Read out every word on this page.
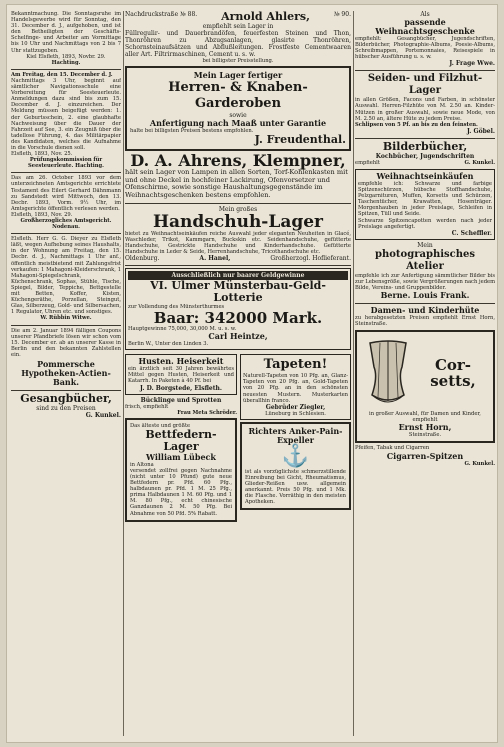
Bekanntmachung. Die Sonntagsruhe im Handelsgewerbe wird für Sonntag, den 31. December d. J., aufgehoben, und ist den Betheiligten der Geschäfts- Schelfinge- und Arbeiter am Vormittage bis 10 Uhr und Nachmittags von 2 bis 7 Uhr stattzugeben.
Kiel Elsfleth, 1893, Novbr. 29.
Hachting.
Am Freitag, den 15. December d. J.
Nachmittags 3 Uhr, beginnt auf sämtlicher Navigationsschule eine Vorbereitung für Seesteuerleute. Anmeldungen dazu sind bis zum 15. December d. J. einzureichen. Der Meldung müssen beigefügt werden: 1. der Geburtsschein, 2. eine glaubhafte Nachweisung über die Dauer der Fahrzeit auf See, 3. ein Zeugniß über die tadellose Führung, 4. das Militärpapier des Kandidaten, welches die Aufnahme in die Vorschule dienen soll.
Elsfleth, 1893, Nov. 25.
Prüfungskommission für Seesteuerleute. Hachting.
Das am 26. October 1893 vor dem unterzeichneten Amtsgerichte errichtete Testament des Eilert Gerhard Dähnmann zu Sandstedt wird Mittwoch, den 13. Decbr. 1893, Vorm. 9½ Uhr, im Amtsgerichte öffentlich verlesen werden.
Elsfleth, 1893, Nov. 29.
Großherzogliches Amtsgericht. Nodenau.
Elsfleth. Herr G. G. Dieyer zu Elsfleth läßt, wegen Aufhebung seines Haushalts, in der Wohnung am Freitag, den 15. Decbr. d. J., Nachmittags 1 Uhr anf., öffentlich meistbietend mit Zahlungsfrist verkaufen: 1 Mahagoni-Kleiderschrank, 1 Mahagoni-Spiegelschrank, Küchenschrank, Sophas, Stühle, Tische, Spiegel, Bilder, Teppiche, Bettgestelle mit Betten, Koffer, Kisten, Küchengeräthe, Porzellan, Steingut, Glas, Silberzeug, Gold- und Silbersachen, 1 Regulator, Uhren etc. und sonstiges.
W. Rübbin Witwe.
Die am 2. Januar 1894 fälligen Coupons unserer Pfandbriefe lösen wir schon vom 15. December er. ab an unserer Kasse in Berlin und den bekannten Zahlstellen ein.
Pommersche Hypotheken-Actien-Bank.
Gesangbücher,
sind zu den Preisen
G. Kunkel.
Nachdruckstraße № 88. Arnold Ahlers,	№ 90.
empfiehlt sein Lager in
Füllregulir- und Dauerbrandöfen, feuerfesten Steinen und Thon, Thonröhren zu Abzugsanlagen, glasirte Thonröhren, Schornsteinaufsätzen und Abflußleitungen. Frostfeste Cementwaaren aller Art. Filtrirmaschinen, Cement u. s. w.
bei billigster Preisstellung.
Mein Lager fertiger
Herren- & Knaben-Garderoben
sowie
Anfertigung nach Maaß unter Garantie
halte bei billigsten Preisen bestens empfohlen.
J. Freudenthal.
D. A. Ahrens, Klempner,
hält sein Lager von Lampen in allen Sorten, Torf-Kohlenkasten mit und ohne Deckel in hochfeiner Lackirung, Ofenvorsetzer und Ofenschirme, sowie sonstige Haushaltungsgegenstände im Weihnachtsgeschenken bestens empfohlen.
Mein großes
Handschuh-Lager
bietet zu Weihnachtseinkäufen reiche Auswahl jeder eleganten Neuheiten in Glacé, Waschleder, Trikot, Kammgarn, Buckskin etc. Seidenhandschuhe, gefütterte Handschuhe, Gestrickte Handschuhe und Kinderhandschuhe. Gefütterte Handschuhe in Leder & Seide, Herrenhandschuhe, Tricothandschuhe etc.
Oldenburg.	A. Hanel,	Großherzogl. Hoflieferant.
Ausschließlich nur baarer Geldgewinne
VI. Ulmer Münsterbau-Geld-Lotterie
zur Vollendung des Münsterthurmes
Baar: 342000 Mark.
Hauptgewinne 75,000, 30,000 M. u. s. w.
Carl Heintze,
Berlin W., Unter den Linden 3.
Husten. Heiserkeit
ein ärztlich seit 30 Jahren bewährtes Mittel gegen Husten, Heiserkeit und Katarrh. In Paketen à 40 Pf. bei
J. D. Borgstede, Elsfleth.
Bücklinge und Sprotten
frisch, empfiehlt
Frau Meta Schröder.
Das älteste und größte
Bettfedern-Lager
William Lübeck
in Altona
versendet zollfrei gegen Nachnahme (nicht unter 10 Pfund) gute neue Bettfedern pr. Pfd. 60 Pfg., halbdaunen pr. Pfd. 1 M. 25 Pfg., prima Halbdaunen 1 M. 60 Pfg. und 1 M. 80 Pfg., echt chinesische Ganzdaunen 2 M. 50 Pfg. Bei Abnahme von 50 Pfd. 5% Rabatt.
Tapeten!
Naturell-Tapeten von 10 Pfg. an, Glanz-Tapeten von 20 Pfg. an, Gold-Tapeten von 20 Pfg. an in den schönsten neuesten Mustern. Musterkarten überallhin franco.
Gebrüder Ziegler,
Lüneburg in Schlesien.
Richters Anker-Pain-Expeller
⚓
ist als vorzüglichste schmerzstillende Einreibung bei Gicht, Rheumatismus, Glieder-Reißen usw. allgemein anerkannt. Preis 50 Pfg. und 1 Mk. die Flasche. Vorräthig in den meisten Apotheken.
Als
passende Weihnachtsgeschenke
empfiehlt: Gesangbücher, Jugendschriften, Bilderbücher, Photographie-Albums, Poesie-Albums, Schreibmappen, Portemonnaies, Reisespiele in hübscher Ausführung u. s. w.
J. Frage Wwe.
Seiden- und Filzhut-Lager
in allen Größen, Facons und Farben, in schönster Auswahl. Herren-Filzhüte von M. 2.50 an. Kinder-Mützen in großer Auswahl, sowie neue Mode, von M. 2.50 an, ältere Hüte zu jedem Preise.
Schlipsen von 5 Pf. an bis zu den feinsten.
J. Göbel.
Bilderbücher,
Kochbücher, Jugendschriften
empfiehlt	G. Kunkel.
Weihnachtseinkäufen
empfehle ich: Schwarze und farbige Spitzenschürzen, hübsche Stoffhandschuhe, Pelzgarnituren, Muffen, Korsetts und Schürzen, Taschentücher, Krawatten, Hosenträger. Morgenhauben in jeder Preislage, Schleifen in Spitzen, Tüll und Seide.
Schwarze Spitzencapotten werden nach jeder Preislage angefertigt.
C. Scheffler.
Mein
photographisches Atelier
empfehle ich zur Anfertigung sämmtlicher Bilder bis zur Lebensgröße, sowie Vergrößerungen nach jedem Bilde, Vereins- und Gruppenbilder.
Berne. Louis Frank.
Damen- und Kinderhüte
zu herabgesetzten Preisen empfiehlt Ernst Horn, Steinstraße.
Cor-
setts,
in großer Auswahl, für Damen und Kinder, empfiehlt
Ernst Horn,
Steinstraße.
Pfeifen, Tabak und Cigarren
Cigarren-Spitzen
G. Kunkel.
